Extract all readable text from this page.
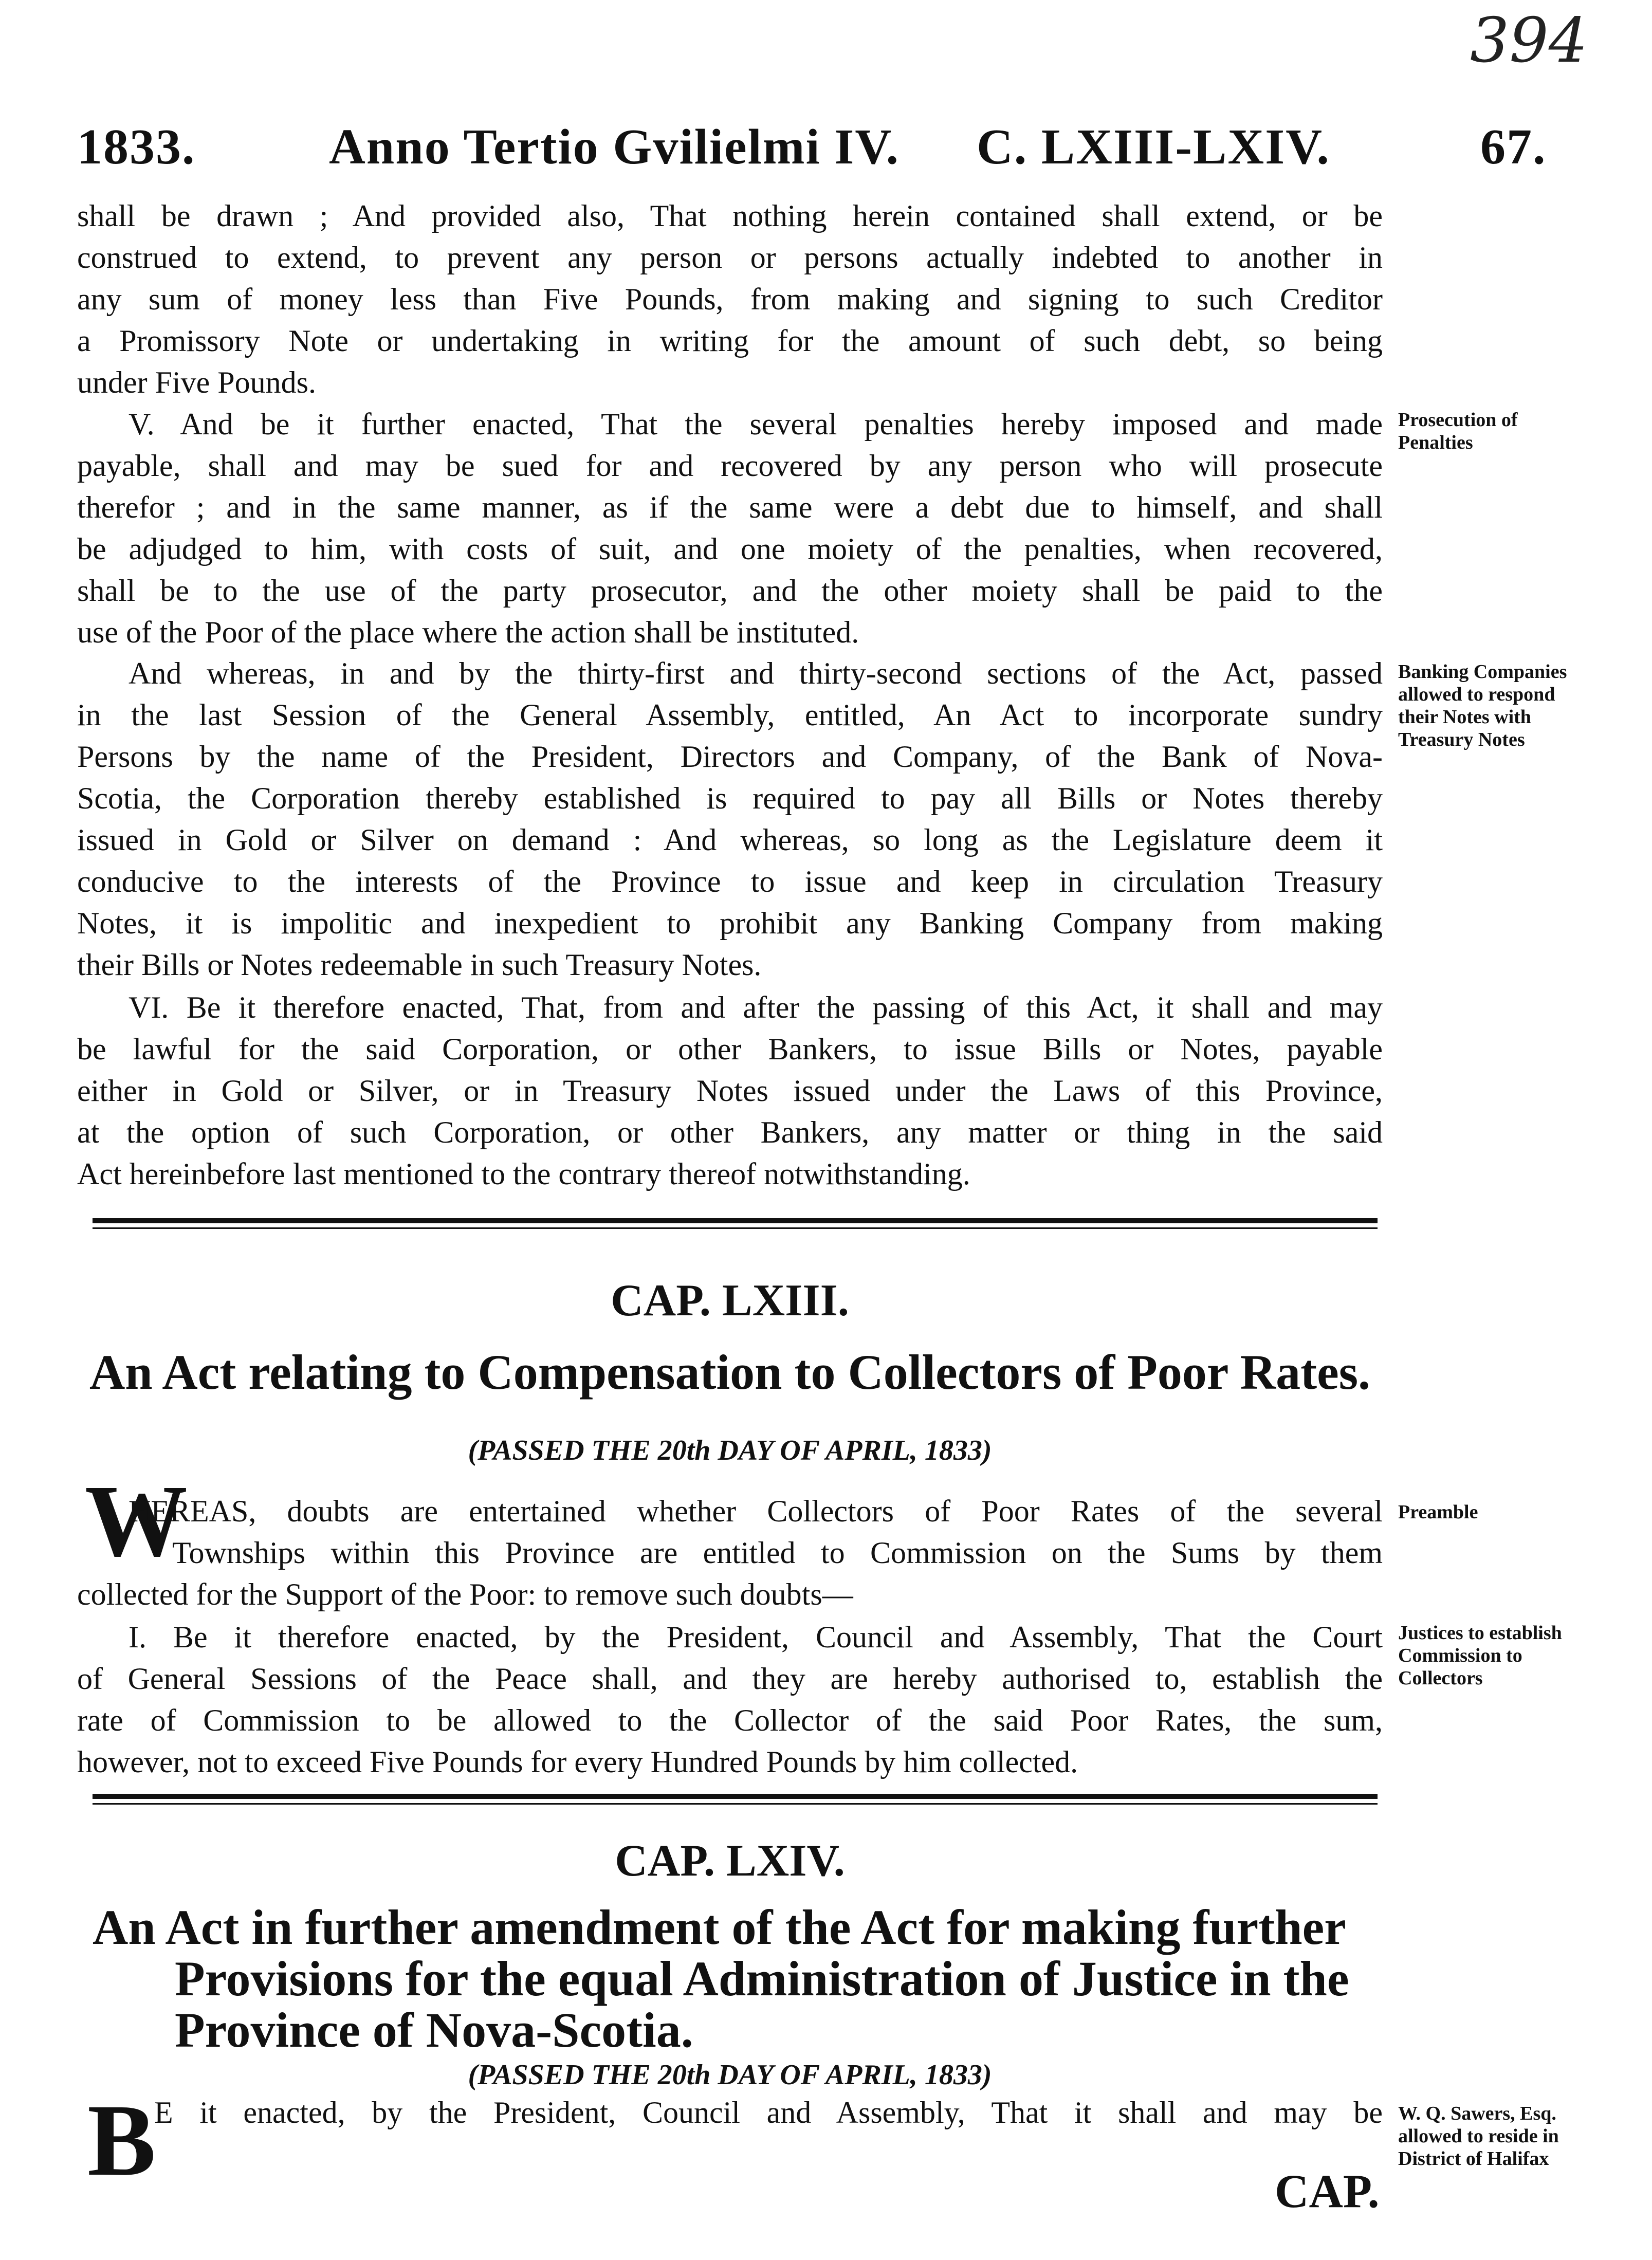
394
1833.	Anno Tertio Gvilielmi IV. C. LXIII-LXIV.	67.

shall be drawn ; And provided also, That nothing herein contained shall extend, or be

construed to extend, to prevent any person or persons actually indebted to another in

any sum of money less than Five Pounds, from making and signing to such Creditor

a Promissory Note or undertaking in writing for the amount of such debt, so being

under Five Pounds.

V. And be it further enacted, That the several penalties hereby imposed and made

payable, shall and may be sued for and recovered by any person who will prosecute

therefor ; and in the same manner, as if the same were a debt due to himself, and shall

be adjudged to him, with costs of suit, and one moiety of the penalties, when recovered,

shall be to the use of the party prosecutor, and the other moiety shall be paid to the

use of the Poor of the place where the action shall be instituted.

Prosecution of Penalties

And whereas, in and by the thirty-first and thirty-second sections of the Act, passed

in the last Session of the General Assembly, entitled, An Act to incorporate sundry

Persons by the name of the President, Directors and Company, of the Bank of Nova-

Scotia, the Corporation thereby established is required to pay all Bills or Notes thereby

issued in Gold or Silver on demand : And whereas, so long as the Legislature deem it

conducive to the interests of the Province to issue and keep in circulation Treasury

Notes, it is impolitic and inexpedient to prohibit any Banking Company from making

their Bills or Notes redeemable in such Treasury Notes.

Banking Companies allowed to respond their Notes with Treasury Notes

VI. Be it therefore enacted, That, from and after the passing of this Act, it shall and may

be lawful for the said Corporation, or other Bankers, to issue Bills or Notes, payable

either in Gold or Silver, or in Treasury Notes issued under the Laws of this Province,

at the option of such Corporation, or other Bankers, any matter or thing in the said

Act hereinbefore last mentioned to the contrary thereof notwithstanding.

CAP. LXIII.
An Act relating to Compensation to Collectors of Poor Rates.
(PASSED THE 20th DAY OF APRIL, 1833)
W

HEREAS, doubts are entertained whether Collectors of Poor Rates of the several

Townships within this Province are entitled to Commission on the Sums by them

collected for the Support of the Poor: to remove such doubts—

Preamble

I. Be it therefore enacted, by the President, Council and Assembly, That the Court

of General Sessions of the Peace shall, and they are hereby authorised to, establish the

rate of Commission to be allowed to the Collector of the said Poor Rates, the sum,

however, not to exceed Five Pounds for every Hundred Pounds by him collected.

Justices to establish Commission to Collectors
CAP. LXIV.
An Act in further amendment of the Act for making further
Provisions for the equal Administration of Justice in the
Province of Nova-Scotia.
(PASSED THE 20th DAY OF APRIL, 1833)
B

E it enacted, by the President, Council and Assembly, That it shall and may be W. Q. Sawers, Esq. allowed to reside in District of Halifax
CAP.
